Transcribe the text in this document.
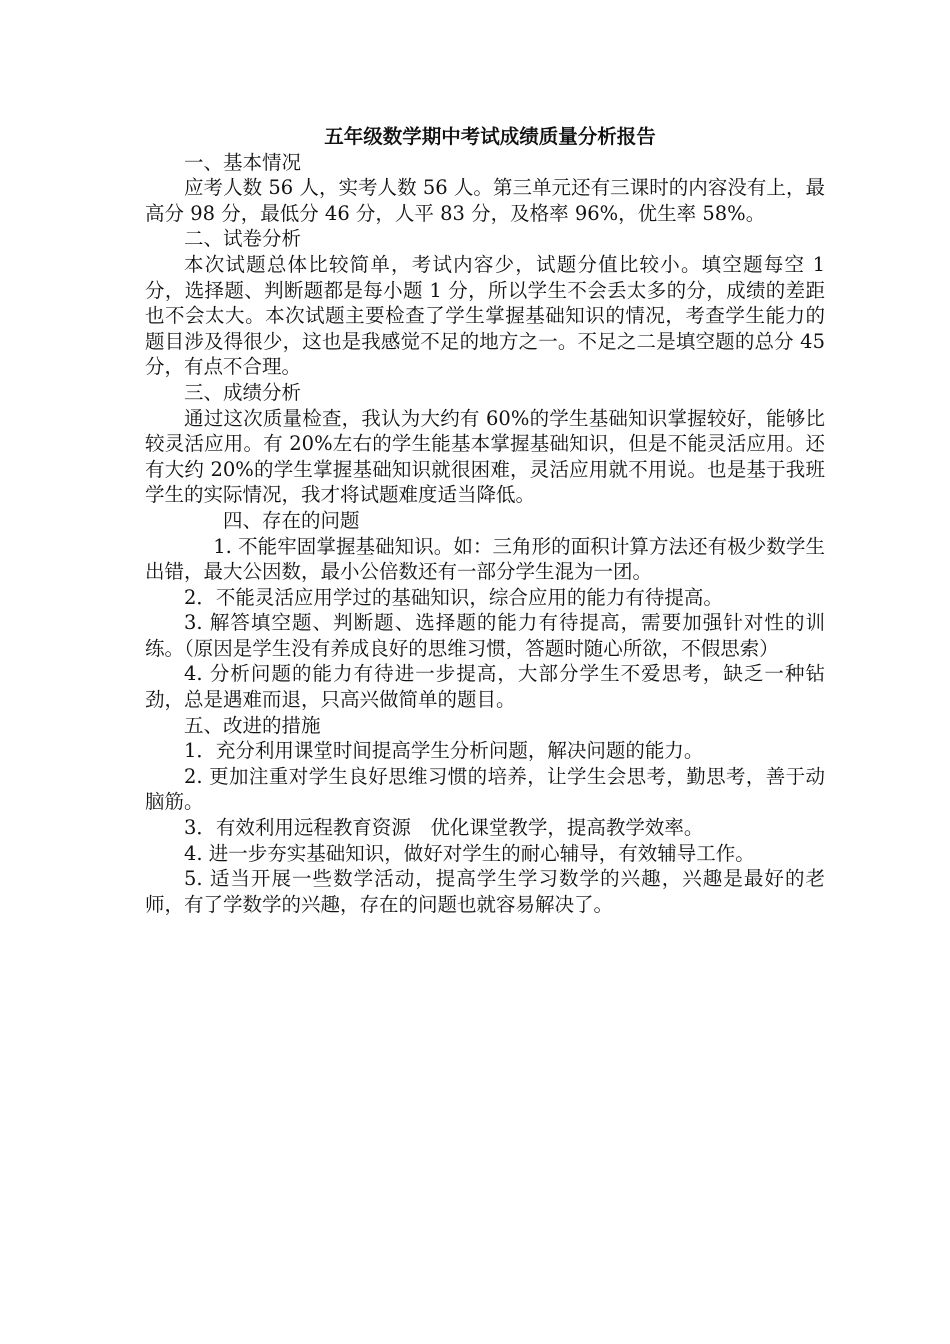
五年级数学期中考试成绩质量分析报告

一、基本情况

应考人数 56 人，实考人数 56 人。第三单元还有三课时的内容没有上，最高分 98 分，最低分 46 分，人平 83 分，及格率 96%，优生率 58%。

二、试卷分析

本次试题总体比较简单，考试内容少，试题分值比较小。填空题每空 1 分，选择题、判断题都是每小题 1 分，所以学生不会丢太多的分，成绩的差距也不会太大。本次试题主要检查了学生掌握基础知识的情况，考查学生能力的题目涉及得很少，这也是我感觉不足的地方之一。不足之二是填空题的总分 45 分，有点不合理。

三、成绩分析

通过这次质量检查，我认为大约有 60%的学生基础知识掌握较好，能够比较灵活应用。有 20%左右的学生能基本掌握基础知识，但是不能灵活应用。还有大约 20%的学生掌握基础知识就很困难，灵活应用就不用说。也是基于我班学生的实际情况，我才将试题难度适当降低。

四、存在的问题

1. 不能牢固掌握基础知识。如：三角形的面积计算方法还有极少数学生出错，最大公因数，最小公倍数还有一部分学生混为一团。

2．不能灵活应用学过的基础知识，综合应用的能力有待提高。

3. 解答填空题、判断题、选择题的能力有待提高，需要加强针对性的训练。（原因是学生没有养成良好的思维习惯，答题时随心所欲，不假思索）

4. 分析问题的能力有待进一步提高，大部分学生不爱思考，缺乏一种钻劲，总是遇难而退，只高兴做简单的题目。

五、改进的措施

1．充分利用课堂时间提高学生分析问题，解决问题的能力。

2. 更加注重对学生良好思维习惯的培养，让学生会思考，勤思考，善于动脑筋。

3．有效利用远程教育资源　优化课堂教学，提高教学效率。

4. 进一步夯实基础知识，做好对学生的耐心辅导，有效辅导工作。

5. 适当开展一些数学活动，提高学生学习数学的兴趣，兴趣是最好的老师，有了学数学的兴趣，存在的问题也就容易解决了。
